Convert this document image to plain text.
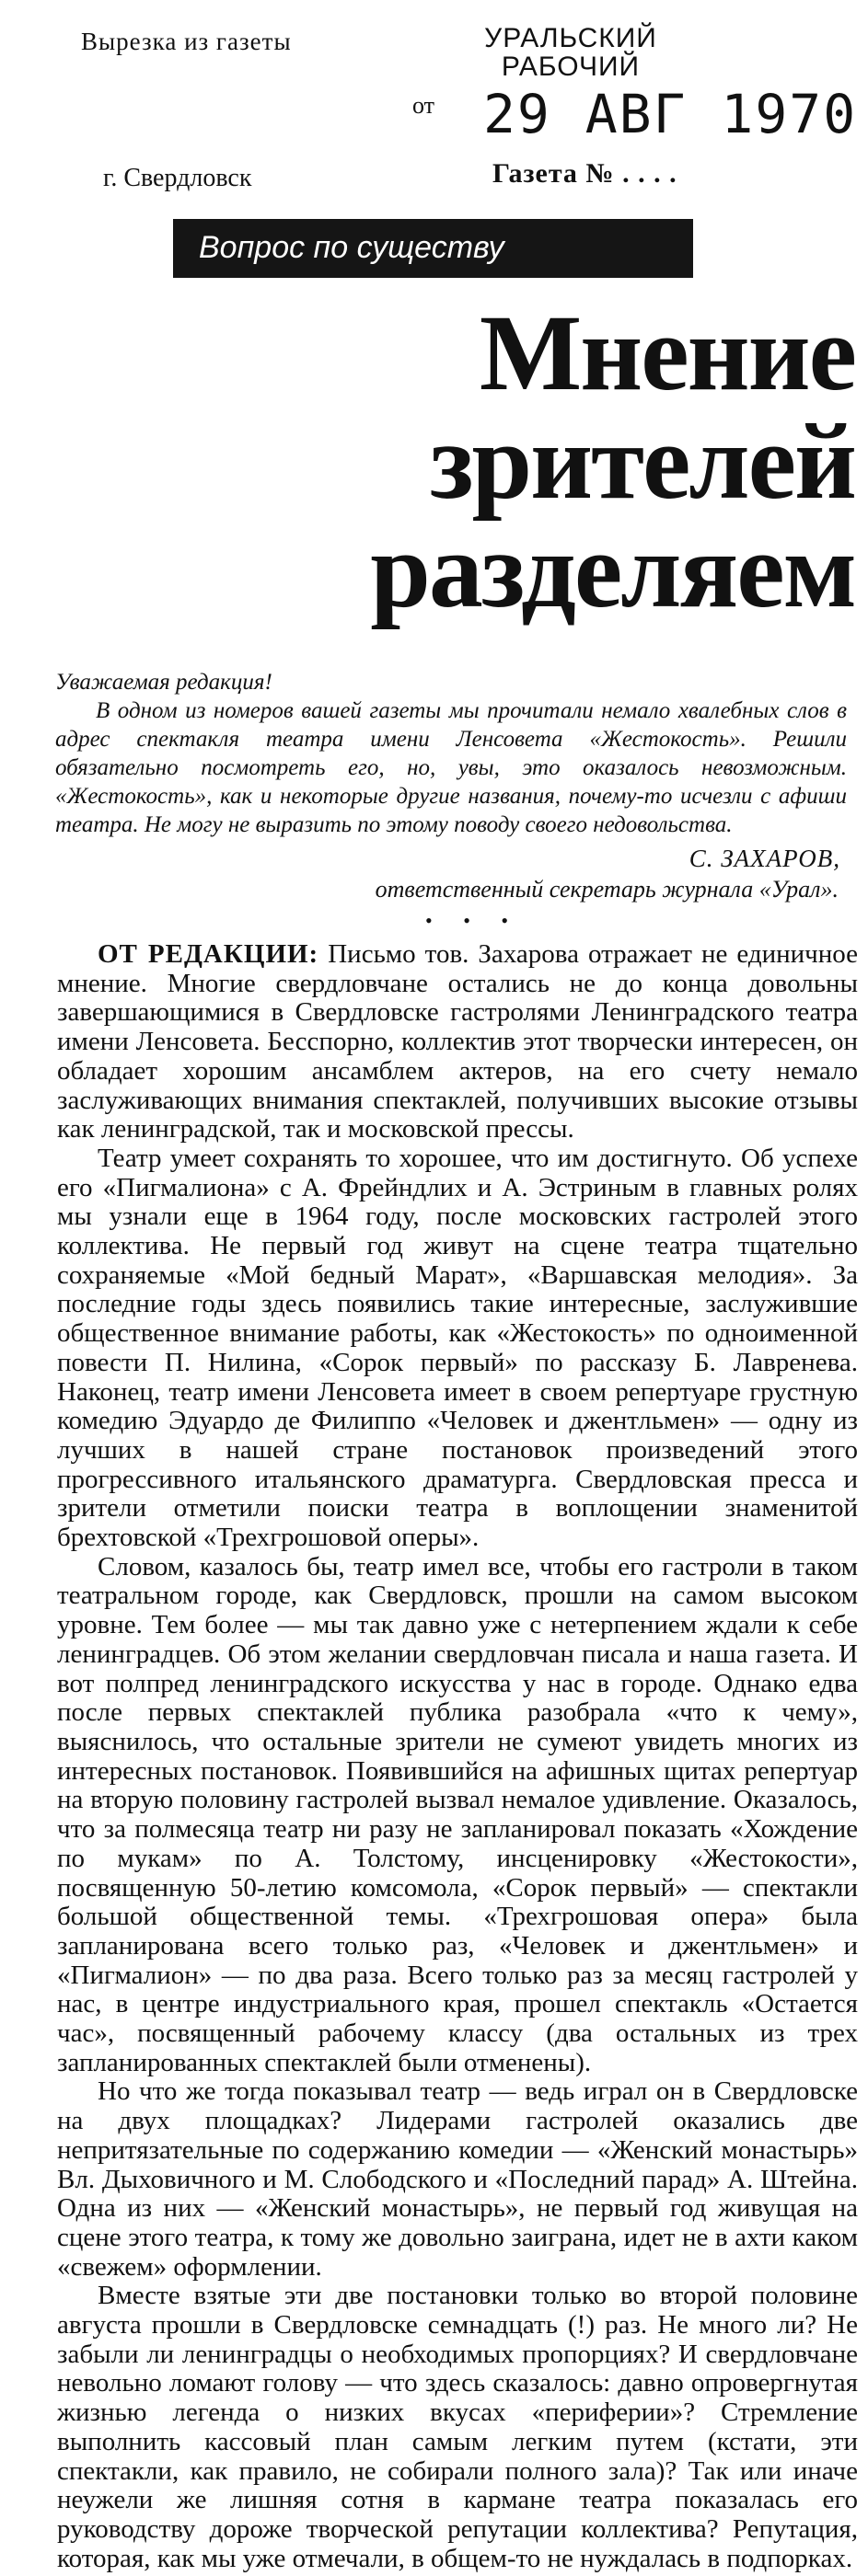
Вырезка из газеты	УРАЛЬСКИЙ РАБОЧИЙ
от 29 АВГ 1970
г. Свердловск	Газета № . . . .
Вопрос по существу
Мнение
зрителей
разделяем
Уважаемая редакция!
В одном из номеров вашей газеты мы прочитали немало хвалебных слов в адрес спектакля театра имени Ленсовета «Жестокость». Решили обязательно посмотреть его, но, увы, это оказалось невозможным. «Жестокость», как и некоторые другие названия, почему-то исчезли с афиши театра. Не могу не выразить по этому поводу своего недовольства.
С. ЗАХАРОВ,
ответственный секретарь журнала «Урал».
• • •

ОТ РЕДАКЦИИ: Письмо тов. Захарова отражает не единичное мнение. Многие свердловчане остались не до конца довольны завершающимися в Свердловске гастролями Ленинградского театра имени Ленсовета. Бесспорно, коллектив этот творчески интересен, он обладает хорошим ансамблем актеров, на его счету немало заслуживающих внимания спектаклей, получивших высокие отзывы как ленинградской, так и московской прессы.

Театр умеет сохранять то хорошее, что им достигнуто. Об успехе его «Пигмалиона» с А. Фрейндлих и А. Эстриным в главных ролях мы узнали еще в 1964 году, после московских гастролей этого коллектива. Не первый год живут на сцене театра тщательно сохраняемые «Мой бедный Марат», «Варшавская мелодия». За последние годы здесь появились такие интересные, заслужившие общественное внимание работы, как «Жестокость» по одноименной повести П. Нилина, «Сорок первый» по рассказу Б. Лавренева. Наконец, театр имени Ленсовета имеет в своем репертуаре грустную комедию Эдуардо де Филиппо «Человек и джентльмен» — одну из лучших в нашей стране постановок произведений этого прогрессивного итальянского драматурга. Свердловская пресса и зрители отметили поиски театра в воплощении знаменитой брехтовской «Трехгрошовой оперы».

Словом, казалось бы, театр имел все, чтобы его гастроли в таком театральном городе, как Свердловск, прошли на самом высоком уровне. Тем более — мы так давно уже с нетерпением ждали к себе ленинградцев. Об этом желании свердловчан писала и наша газета. И вот полпред ленинградского искусства у нас в городе. Однако едва после первых спектаклей публика разобрала «что к чему», выяснилось, что остальные зрители не сумеют увидеть многих из интересных постановок. Появившийся на афишных щитах репертуар на вторую половину гастролей вызвал немалое удивление. Оказалось, что за полмесяца театр ни разу не запланировал показать «Хождение по мукам» по А. Толстому, инсценировку «Жестокости», посвященную 50-летию комсомола, «Сорок первый» — спектакли большой общественной темы. «Трехгрошовая опера» была запланирована всего только раз, «Человек и джентльмен» и «Пигмалион» — по два раза. Всего только раз за месяц гастролей у нас, в центре индустриального края, прошел спектакль «Остается час», посвященный рабочему классу (два остальных из трех запланированных спектаклей были отменены).

Но что же тогда показывал театр — ведь играл он в Свердловске на двух площадках? Лидерами гастролей оказались две непритязательные по содержанию комедии — «Женский монастырь» Вл. Дыховичного и М. Слободского и «Последний парад» А. Штейна. Одна из них — «Женский монастырь», не первый год живущая на сцене этого театра, к тому же довольно заиграна, идет не в ахти каком «свежем» оформлении.

Вместе взятые эти две постановки только во второй половине августа прошли в Свердловске семнадцать (!) раз. Не много ли? Не забыли ли ленинградцы о необходимых пропорциях? И свердловчане невольно ломают голову — что здесь сказалось: давно опровергнутая жизнью легенда о низких вкусах «периферии»? Стремление выполнить кассовый план самым легким путем (кстати, эти спектакли, как правило, не собирали полного зала)? Так или иначе неужели же лишняя сотня в кармане театра показалась его руководству дороже творческой репутации коллектива? Репутация, которая, как мы уже отмечали, в общем-то не нуждалась в подпорках.
